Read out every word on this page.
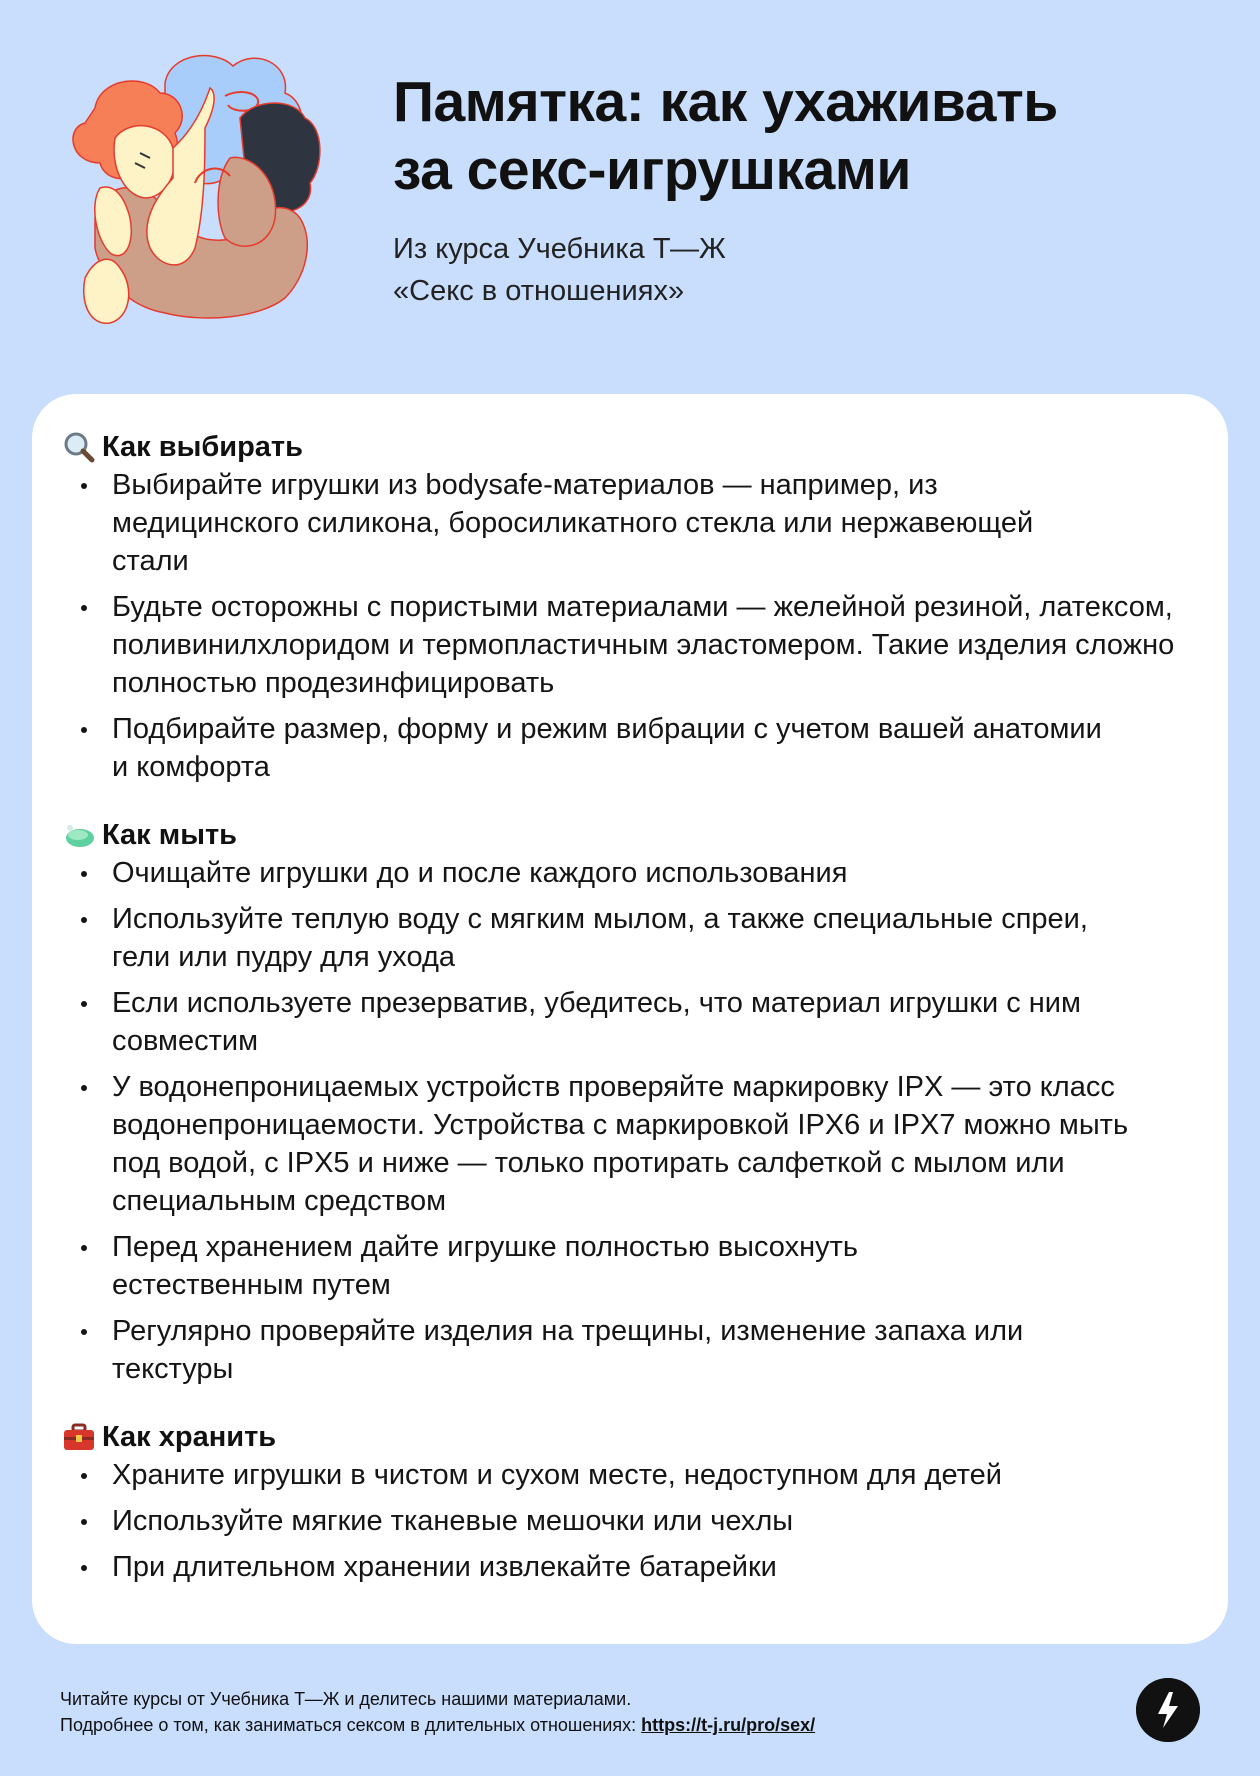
Памятка: как ухаживать
за секс-игрушками
Из курса Учебника Т—Ж
«Секс в отношениях»
Как выбирать
Выбирайте игрушки из bodysafe-материалов — например, из медицинского силикона, боросиликатного стекла или нержавеющей стали
Будьте осторожны с пористыми материалами — желейной резиной, латексом, поливинилхлоридом и термопластичным эластомером. Такие изделия сложно полностью продезинфицировать
Подбирайте размер, форму и режим вибрации с учетом вашей анатомии и комфорта
Как мыть
Очищайте игрушки до и после каждого использования
Используйте теплую воду с мягким мылом, а также специальные спреи, гели или пудру для ухода
Если используете презерватив, убедитесь, что материал игрушки с ним совместим
У водонепроницаемых устройств проверяйте маркировку IPX — это класс водонепроницаемости. Устройства с маркировкой IPX6 и IPX7 можно мыть под водой, с IPX5 и ниже — только протирать салфеткой с мылом или специальным средством
Перед хранением дайте игрушке полностью высохнуть естественным путем
Регулярно проверяйте изделия на трещины, изменение запаха или текстуры
Как хранить
Храните игрушки в чистом и сухом месте, недоступном для детей
Используйте мягкие тканевые мешочки или чехлы
При длительном хранении извлекайте батарейки
Читайте курсы от Учебника Т—Ж и делитесь нашими материалами.
Подробнее о том, как заниматься сексом в длительных отношениях: https://t-j.ru/pro/sex/
